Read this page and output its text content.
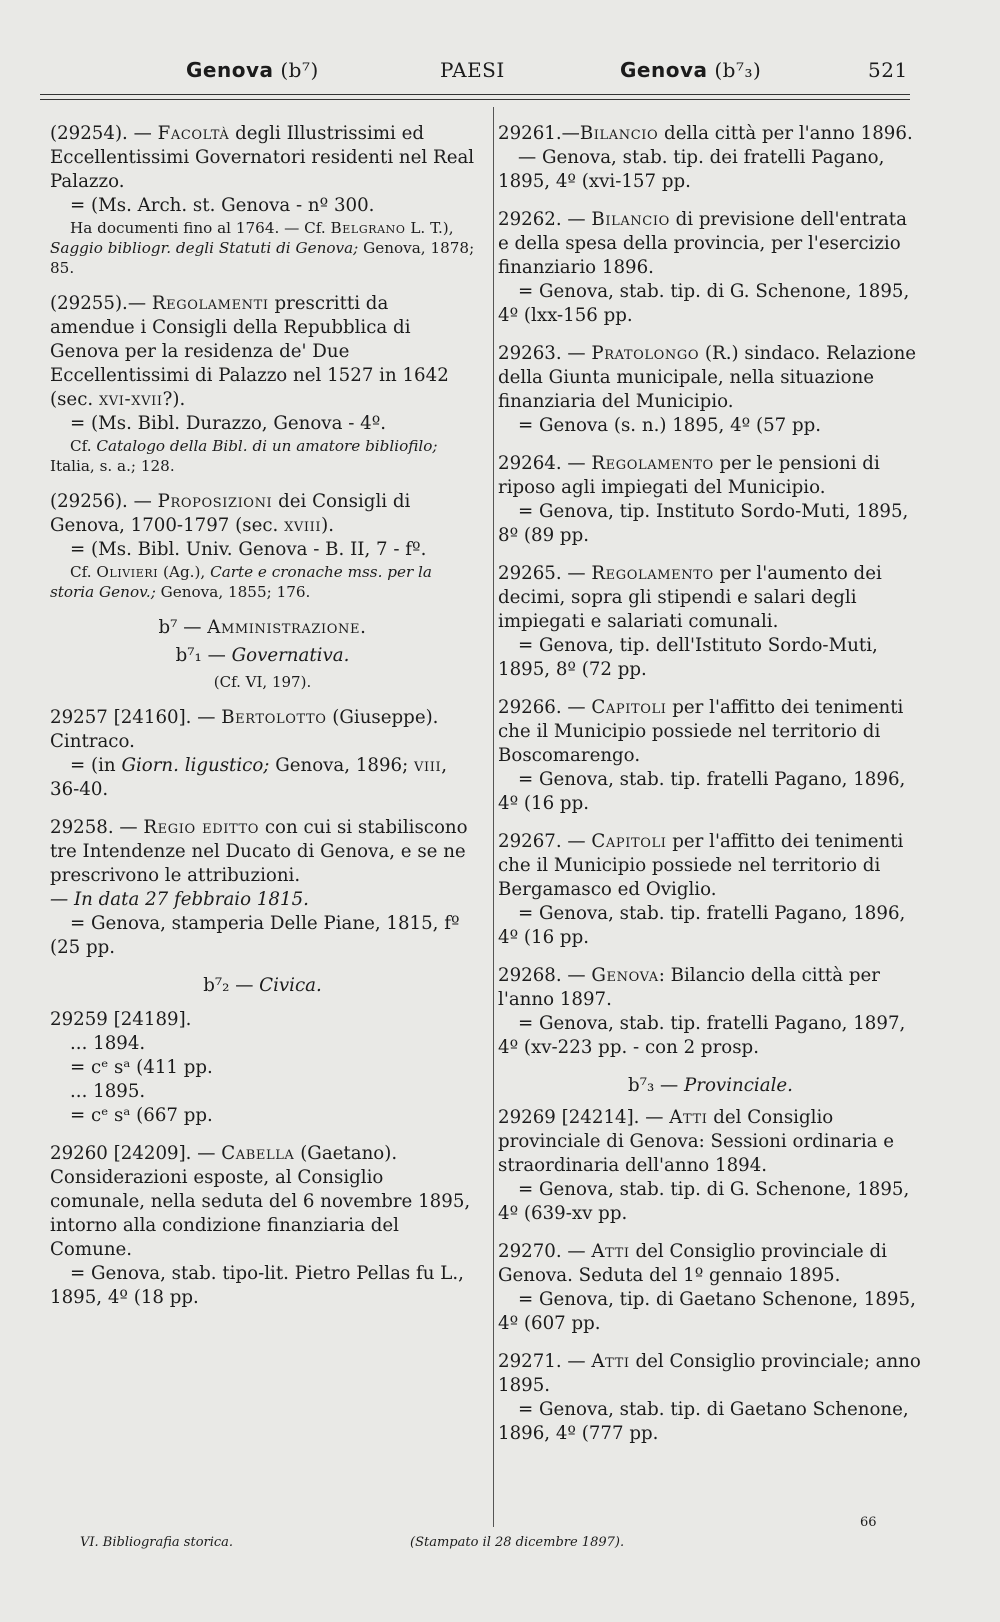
Genova (b⁷)	PAESI	Genova (b⁷₃)	521

(29254). — Facoltà degli Illustrissimi ed Eccellentissimi Governatori residenti nel Real Palazzo.

= (Ms. Arch. st. Genova - nº 300.

Ha documenti fino al 1764. — Cf. Belgrano L. T.), Saggio bibliogr. degli Statuti di Genova; Genova, 1878; 85.

(29255).— Regolamenti prescritti da amendue i Consigli della Repubblica di Genova per la residenza de' Due Eccellentissimi di Palazzo nel 1527 in 1642 (sec. xvi-xvii?).

= (Ms. Bibl. Durazzo, Genova - 4º.

Cf. Catalogo della Bibl. di un amatore bibliofilo; Italia, s. a.; 128.

(29256). — Proposizioni dei Consigli di Genova, 1700-1797 (sec. xviii).

= (Ms. Bibl. Univ. Genova - B. II, 7 - fº.

Cf. Olivieri (Ag.), Carte e cronache mss. per la storia Genov.; Genova, 1855; 176.

b⁷ — Amministrazione.

b⁷₁ — Governativa.

(Cf. VI, 197).

29257 [24160]. — Bertolotto (Giuseppe). Cintraco.

= (in Giorn. ligustico; Genova, 1896; viii, 36-40.

29258. — Regio editto con cui si stabiliscono tre Intendenze nel Ducato di Genova, e se ne prescrivono le attribuzioni.

— In data 27 febbraio 1815.

= Genova, stamperia Delle Piane, 1815, fº (25 pp.

b⁷₂ — Civica.

29259 [24189].

... 1894.

= cᵉ sᵃ (411 pp.

... 1895.

= cᵉ sᵃ (667 pp.

29260 [24209]. — Cabella (Gaetano). Considerazioni esposte, al Consiglio comunale, nella seduta del 6 novembre 1895, intorno alla condizione finanziaria del Comune.

= Genova, stab. tipo-lit. Pietro Pellas fu L., 1895, 4º (18 pp.

29261.—Bilancio della città per l'anno 1896.

— Genova, stab. tip. dei fratelli Pagano, 1895, 4º (xvi-157 pp.

29262. — Bilancio di previsione dell'entrata e della spesa della provincia, per l'esercizio finanziario 1896.

= Genova, stab. tip. di G. Schenone, 1895, 4º (lxx-156 pp.

29263. — Pratolongo (R.) sindaco. Relazione della Giunta municipale, nella situazione finanziaria del Municipio.

= Genova (s. n.) 1895, 4º (57 pp.

29264. — Regolamento per le pensioni di riposo agli impiegati del Municipio.

= Genova, tip. Instituto Sordo-Muti, 1895, 8º (89 pp.

29265. — Regolamento per l'aumento dei decimi, sopra gli stipendi e salari degli impiegati e salariati comunali.

= Genova, tip. dell'Istituto Sordo-Muti, 1895, 8º (72 pp.

29266. — Capitoli per l'affitto dei tenimenti che il Municipio possiede nel territorio di Boscomarengo.

= Genova, stab. tip. fratelli Pagano, 1896, 4º (16 pp.

29267. — Capitoli per l'affitto dei tenimenti che il Municipio possiede nel territorio di Bergamasco ed Oviglio.

= Genova, stab. tip. fratelli Pagano, 1896, 4º (16 pp.

29268. — Genova: Bilancio della città per l'anno 1897.

= Genova, stab. tip. fratelli Pagano, 1897, 4º (xv-223 pp. - con 2 prosp.

b⁷₃ — Provinciale.

29269 [24214]. — Atti del Consiglio provinciale di Genova: Sessioni ordinaria e straordinaria dell'anno 1894.

= Genova, stab. tip. di G. Schenone, 1895, 4º (639-xv pp.

29270. — Atti del Consiglio provinciale di Genova. Seduta del 1º gennaio 1895.

= Genova, tip. di Gaetano Schenone, 1895, 4º (607 pp.

29271. — Atti del Consiglio provinciale; anno 1895.

= Genova, stab. tip. di Gaetano Schenone, 1896, 4º (777 pp.

VI. Bibliografia storica.	(Stampato il 28 dicembre 1897).
66
